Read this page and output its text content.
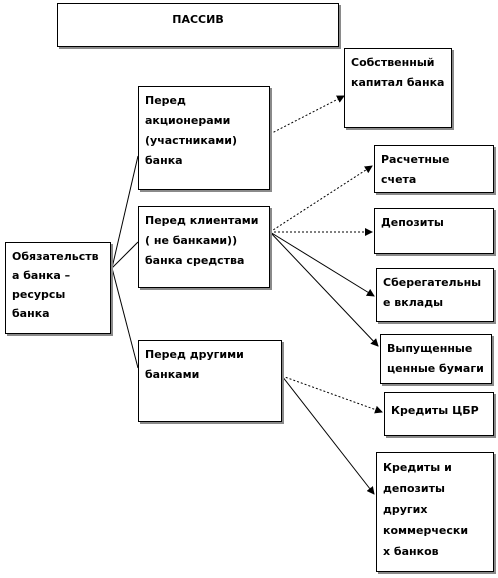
ПАССИВ
Обязательств
а банка –
ресурсы
банка
Перед
акционерами
(участниками)
банка
Перед клиентами
( не банками))
банка средства
Перед другими
банками
Собственный
капитал банка
Расчетные
счета
Депозиты
Сберегательны
е вклады
Выпущенные
ценные бумаги
Кредиты ЦБР
Кредиты и
депозиты
других
коммерчески
х банков
